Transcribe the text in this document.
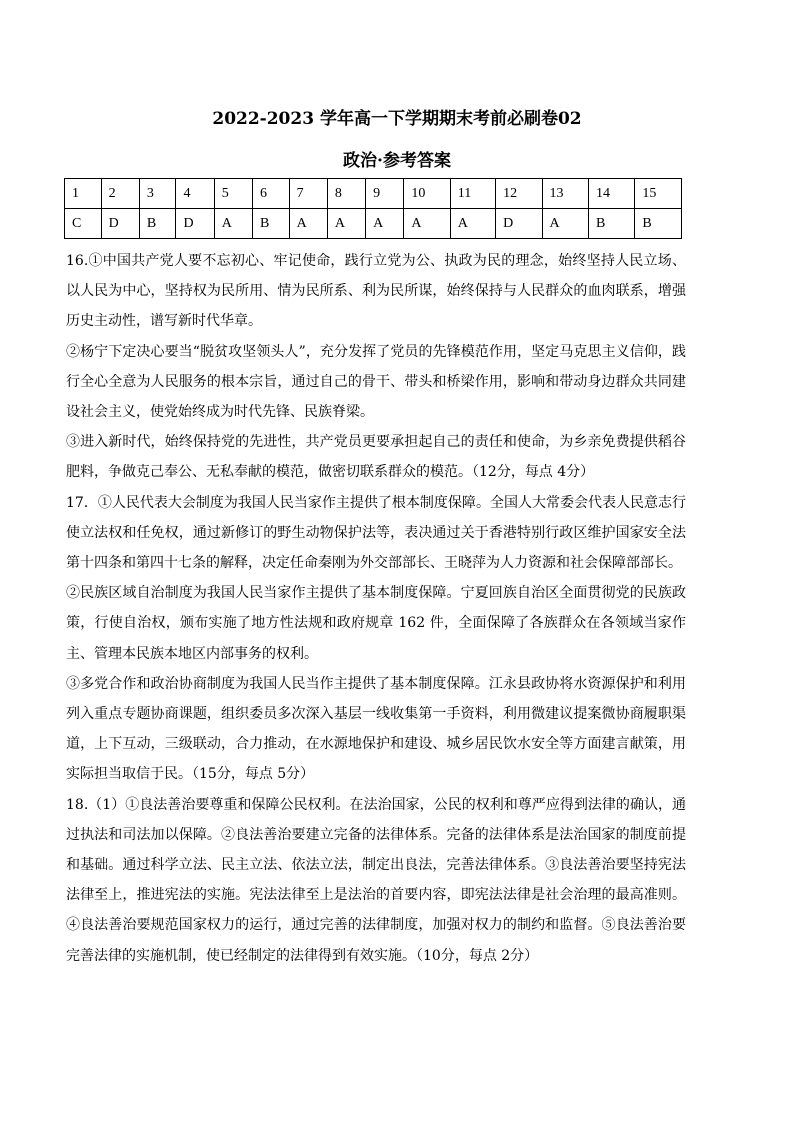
2022-2023 学年高一下学期期末考前必刷卷02
政治·参考答案
1	2	3	4	5	6	7	8	9	10	11	12	13	14	15
C	D	B	D	A	B	A	A	A	A	A	D	A	B	B

16.①中国共产党人要不忘初心、牢记使命，践行立党为公、执政为民的理念，始终坚持人民立场、以人民为中心，坚持权为民所用、情为民所系、利为民所谋，始终保持与人民群众的血肉联系，增强历史主动性，谱写新时代华章。

②杨宁下定决心要当“脱贫攻坚领头人”，充分发挥了党员的先锋模范作用，坚定马克思主义信仰，践行全心全意为人民服务的根本宗旨，通过自己的骨干、带头和桥梁作用，影响和带动身边群众共同建设社会主义，使党始终成为时代先锋、民族脊梁。

③进入新时代，始终保持党的先进性，共产党员更要承担起自己的责任和使命，为乡亲免费提供稻谷肥料，争做克己奉公、无私奉献的模范，做密切联系群众的模范。（12分，每点 4分）

17．①人民代表大会制度为我国人民当家作主提供了根本制度保障。全国人大常委会代表人民意志行使立法权和任免权，通过新修订的野生动物保护法等，表决通过关于香港特别行政区维护国家安全法第十四条和第四十七条的解释，决定任命秦刚为外交部部长、王晓萍为人力资源和社会保障部部长。

②民族区域自治制度为我国人民当家作主提供了基本制度保障。宁夏回族自治区全面贯彻党的民族政策，行使自治权，颁布实施了地方性法规和政府规章 162 件，全面保障了各族群众在各领域当家作主、管理本民族本地区内部事务的权利。

③多党合作和政治协商制度为我国人民当作主提供了基本制度保障。江永县政协将水资源保护和利用列入重点专题协商课题，组织委员多次深入基层一线收集第一手资料，利用微建议提案微协商履职渠道，上下互动，三级联动，合力推动，在水源地保护和建设、城乡居民饮水安全等方面建言献策，用实际担当取信于民。（15分，每点 5分）

18.（1）①良法善治要尊重和保障公民权利。在法治国家，公民的权利和尊严应得到法律的确认，通过执法和司法加以保障。②良法善治要建立完备的法律体系。完备的法律体系是法治国家的制度前提和基础。通过科学立法、民主立法、依法立法，制定出良法，完善法律体系。③良法善治要坚持宪法法律至上，推进宪法的实施。宪法法律至上是法治的首要内容，即宪法法律是社会治理的最高准则。④良法善治要规范国家权力的运行，通过完善的法律制度，加强对权力的制约和监督。⑤良法善治要完善法律的实施机制，使已经制定的法律得到有效实施。（10分，每点 2分）
